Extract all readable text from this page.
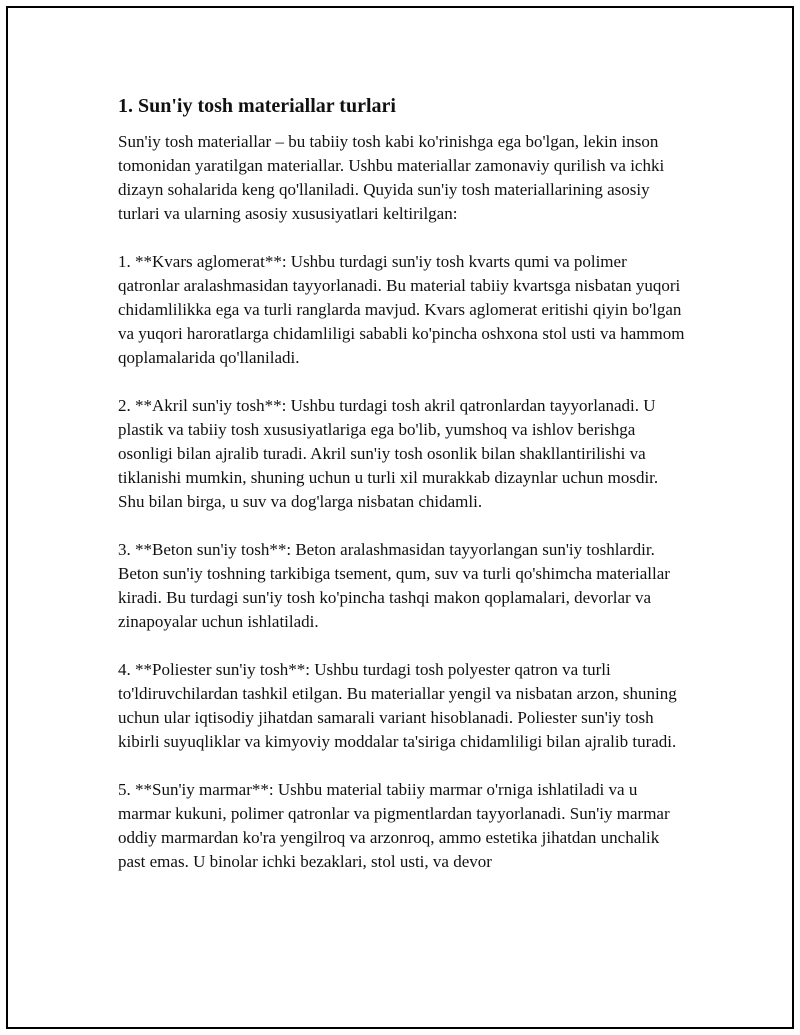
1. Sun'iy tosh materiallar turlari

Sun'iy tosh materiallar – bu tabiiy tosh kabi ko'rinishga ega bo'lgan, lekin inson tomonidan yaratilgan materiallar. Ushbu materiallar zamonaviy qurilish va ichki dizayn sohalarida keng qo'llaniladi. Quyida sun'iy tosh materiallarining asosiy turlari va ularning asosiy xususiyatlari keltirilgan:

1. **Kvars aglomerat**: Ushbu turdagi sun'iy tosh kvarts qumi va polimer qatronlar aralashmasidan tayyorlanadi. Bu material tabiiy kvartsga nisbatan yuqori chidamlilikka ega va turli ranglarda mavjud. Kvars aglomerat eritishi qiyin bo'lgan va yuqori haroratlarga chidamliligi sababli ko'pincha oshxona stol usti va hammom qoplamalarida qo'llaniladi.

2. **Akril sun'iy tosh**: Ushbu turdagi tosh akril qatronlardan tayyorlanadi. U plastik va tabiiy tosh xususiyatlariga ega bo'lib, yumshoq va ishlov berishga osonligi bilan ajralib turadi. Akril sun'iy tosh osonlik bilan shakllantirilishi va tiklanishi mumkin, shuning uchun u turli xil murakkab dizaynlar uchun mosdir. Shu bilan birga, u suv va dog'larga nisbatan chidamli.

3. **Beton sun'iy tosh**: Beton aralashmasidan tayyorlangan sun'iy toshlardir. Beton sun'iy toshning tarkibiga tsement, qum, suv va turli qo'shimcha materiallar kiradi. Bu turdagi sun'iy tosh ko'pincha tashqi makon qoplamalari, devorlar va zinapoyalar uchun ishlatiladi.

4. **Poliester sun'iy tosh**: Ushbu turdagi tosh polyester qatron va turli to'ldiruvchilardan tashkil etilgan. Bu materiallar yengil va nisbatan arzon, shuning uchun ular iqtisodiy jihatdan samarali variant hisoblanadi. Poliester sun'iy tosh kibirli suyuqliklar va kimyoviy moddalar ta'siriga chidamliligi bilan ajralib turadi.

5. **Sun'iy marmar**: Ushbu material tabiiy marmar o'rniga ishlatiladi va u marmar kukuni, polimer qatronlar va pigmentlardan tayyorlanadi. Sun'iy marmar oddiy marmardan ko'ra yengilroq va arzonroq, ammo estetika jihatdan unchalik past emas. U binolar ichki bezaklari, stol usti, va devor
